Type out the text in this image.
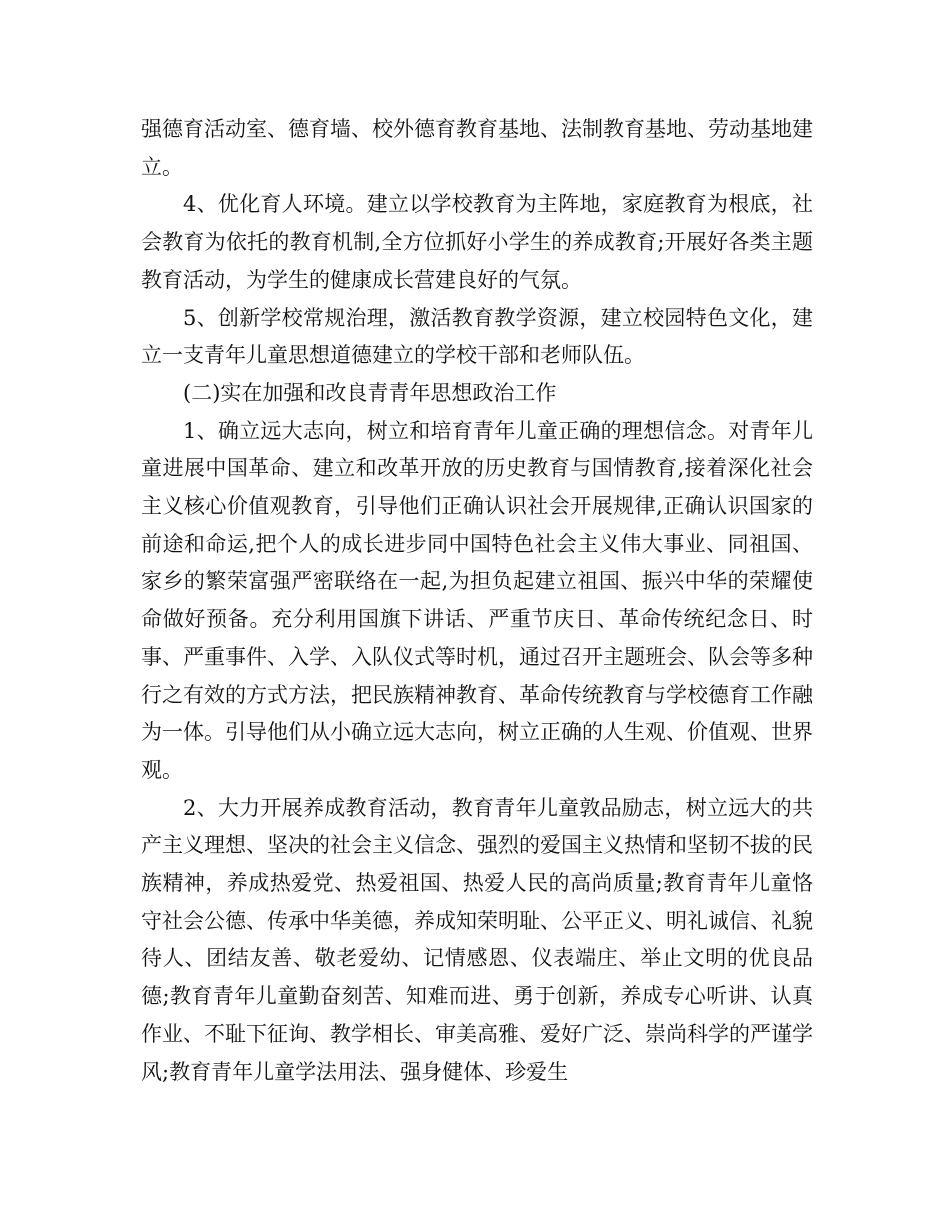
强德育活动室、德育墙、校外德育教育基地、法制教育基地、劳动基地建立。

4、优化育人环境。建立以学校教育为主阵地，家庭教育为根底，社会教育为依托的教育机制,全方位抓好小学生的养成教育;开展好各类主题教育活动，为学生的健康成长营建良好的气氛。

5、创新学校常规治理，激活教育教学资源，建立校园特色文化，建立一支青年儿童思想道德建立的学校干部和老师队伍。

(二)实在加强和改良青青年思想政治工作

1、确立远大志向，树立和培育青年儿童正确的理想信念。对青年儿童进展中国革命、建立和改革开放的历史教育与国情教育,接着深化社会主义核心价值观教育，引导他们正确认识社会开展规律,正确认识国家的前途和命运,把个人的成长进步同中国特色社会主义伟大事业、同祖国、家乡的繁荣富强严密联络在一起,为担负起建立祖国、振兴中华的荣耀使命做好预备。充分利用国旗下讲话、严重节庆日、革命传统纪念日、时事、严重事件、入学、入队仪式等时机，通过召开主题班会、队会等多种行之有效的方式方法，把民族精神教育、革命传统教育与学校德育工作融为一体。引导他们从小确立远大志向，树立正确的人生观、价值观、世界观。

2、大力开展养成教育活动，教育青年儿童敦品励志，树立远大的共产主义理想、坚决的社会主义信念、强烈的爱国主义热情和坚韧不拔的民族精神，养成热爱党、热爱祖国、热爱人民的高尚质量;教育青年儿童恪守社会公德、传承中华美德，养成知荣明耻、公平正义、明礼诚信、礼貌待人、团结友善、敬老爱幼、记情感恩、仪表端庄、举止文明的优良品德;教育青年儿童勤奋刻苦、知难而进、勇于创新，养成专心听讲、认真作业、不耻下征询、教学相长、审美高雅、爱好广泛、崇尚科学的严谨学风;教育青年儿童学法用法、强身健体、珍爱生
